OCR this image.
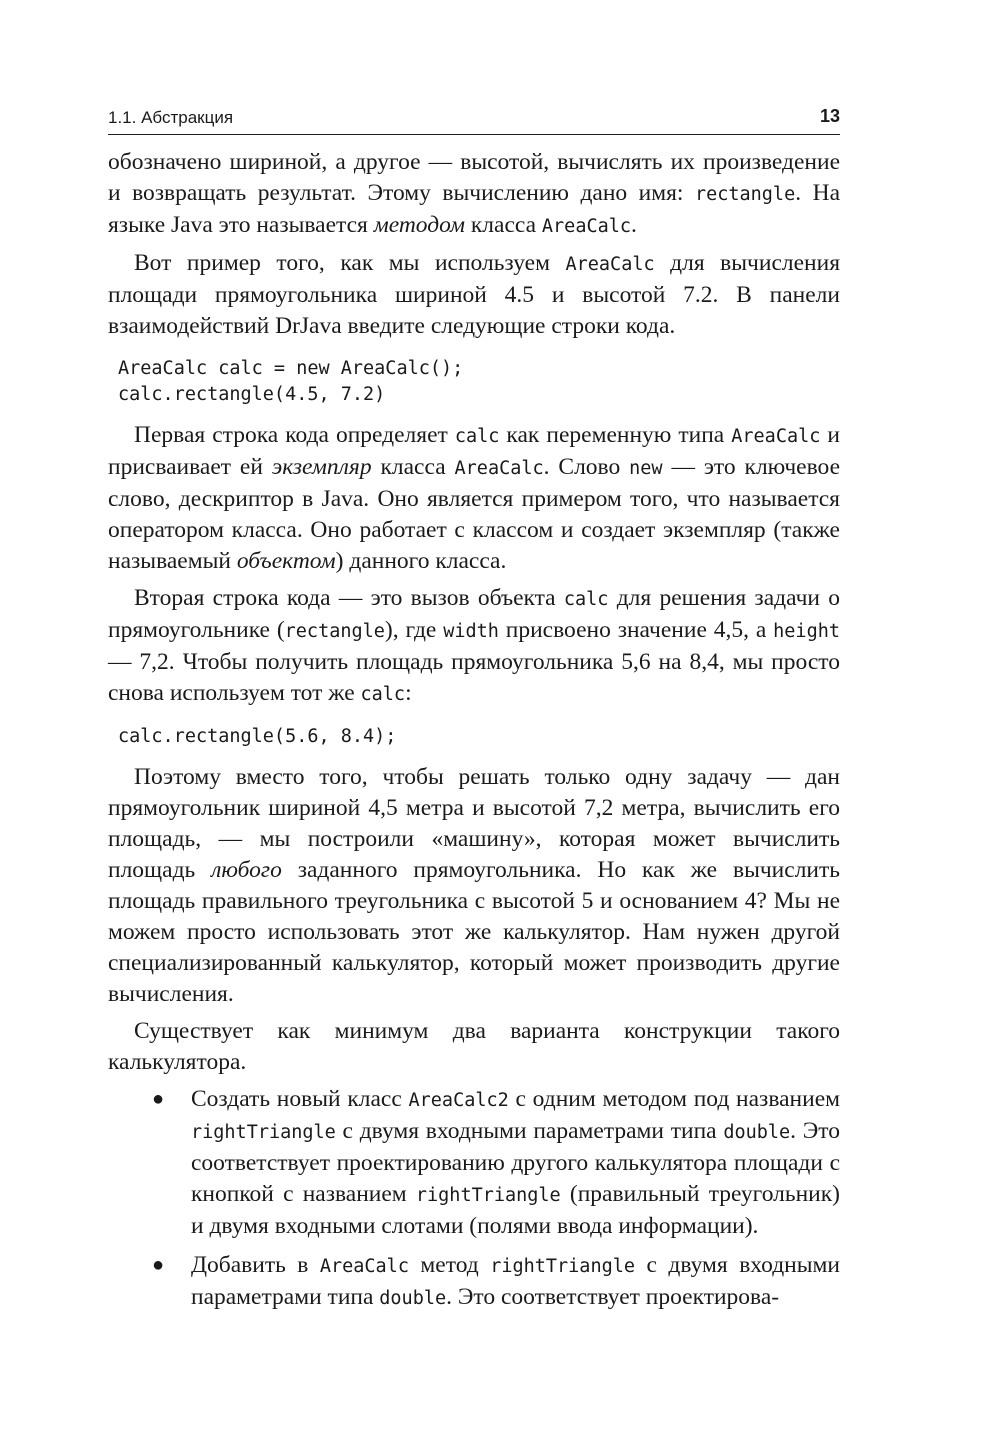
1.1. Абстракция	13

обозначено шириной, а другое — высотой, вычислять их произведение и возвращать результат. Этому вычислению дано имя: rectangle. На языке Java это называется методом класса AreaCalc.

Вот пример того, как мы используем AreaCalc для вычисления площади прямоугольника шириной 4.5 и высотой 7.2. В панели взаимодействий DrJava введите следующие строки кода.

AreaCalc calc = new AreaCalc();
calc.rectangle(4.5, 7.2)

Первая строка кода определяет calc как переменную типа AreaCalc и присваивает ей экземпляр класса AreaCalc. Слово new — это ключевое слово, дескриптор в Java. Оно является примером того, что называется оператором класса. Оно работает с классом и создает экземпляр (также называемый объектом) данного класса.

Вторая строка кода — это вызов объекта calc для решения задачи о прямоугольнике (rectangle), где width присвоено значение 4,5, а height — 7,2. Чтобы получить площадь прямоугольника 5,6 на 8,4, мы просто снова используем тот же calc:

calc.rectangle(5.6, 8.4);

Поэтому вместо того, чтобы решать только одну задачу — дан прямоугольник шириной 4,5 метра и высотой 7,2 метра, вычислить его площадь, — мы построили «машину», которая может вычислить площадь любого заданного прямоугольника. Но как же вычислить площадь правильного треугольника с высотой 5 и основанием 4? Мы не можем просто использовать этот же калькулятор. Нам нужен другой специализированный калькулятор, который может производить другие вычисления.

Существует как минимум два варианта конструкции такого калькулятора.

● Создать новый класс AreaCalc2 с одним методом под названием rightTriangle с двумя входными параметрами типа double. Это соответствует проектированию другого калькулятора площади с кнопкой с названием rightTriangle (правильный треугольник) и двумя входными слотами (полями ввода информации).
● Добавить в AreaCalc метод rightTriangle с двумя входными параметрами типа double. Это соответствует проектирова-
